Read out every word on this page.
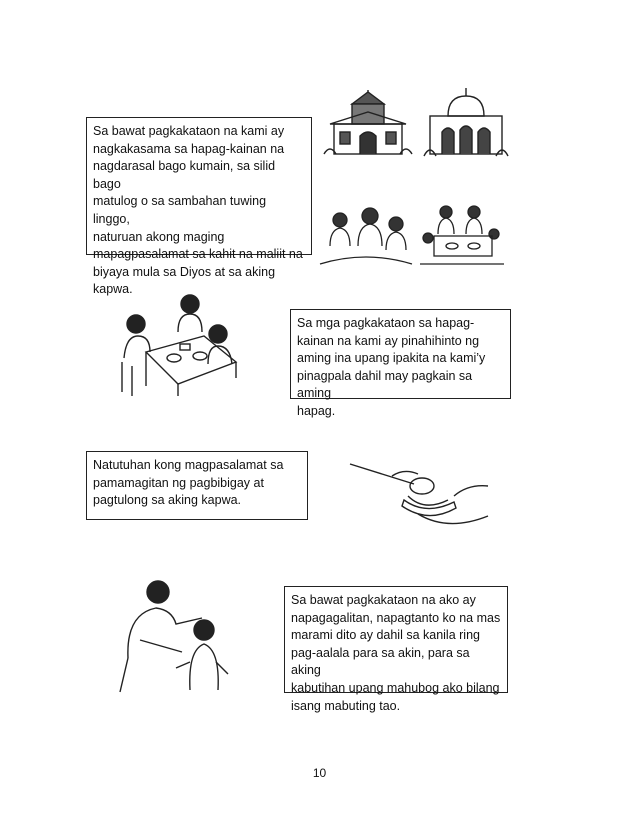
Sa bawat pagkakataon na kami ay
nagkakasama sa hapag-kainan na
nagdarasal bago kumain, sa silid bago
matulog o sa sambahan tuwing linggo,
naturuan akong maging
mapagpasalamat sa kahit na maliit na
biyaya mula sa Diyos at sa aking
kapwa.

Sa mga pagkakataon sa hapag-
kainan na kami ay pinahihinto ng
aming ina upang ipakita na kami’y
pinagpala dahil may pagkain sa aming
hapag.

Natutuhan kong magpasalamat sa
pamamagitan ng pagbibigay at
pagtulong sa aking kapwa.

Sa bawat pagkakataon na ako ay
napagagalitan, napagtanto ko na mas
marami dito ay dahil sa kanila ring
pag-aalala para sa akin, para sa aking
kabutihan upang mahubog ako bilang
isang mabuting tao.

10
